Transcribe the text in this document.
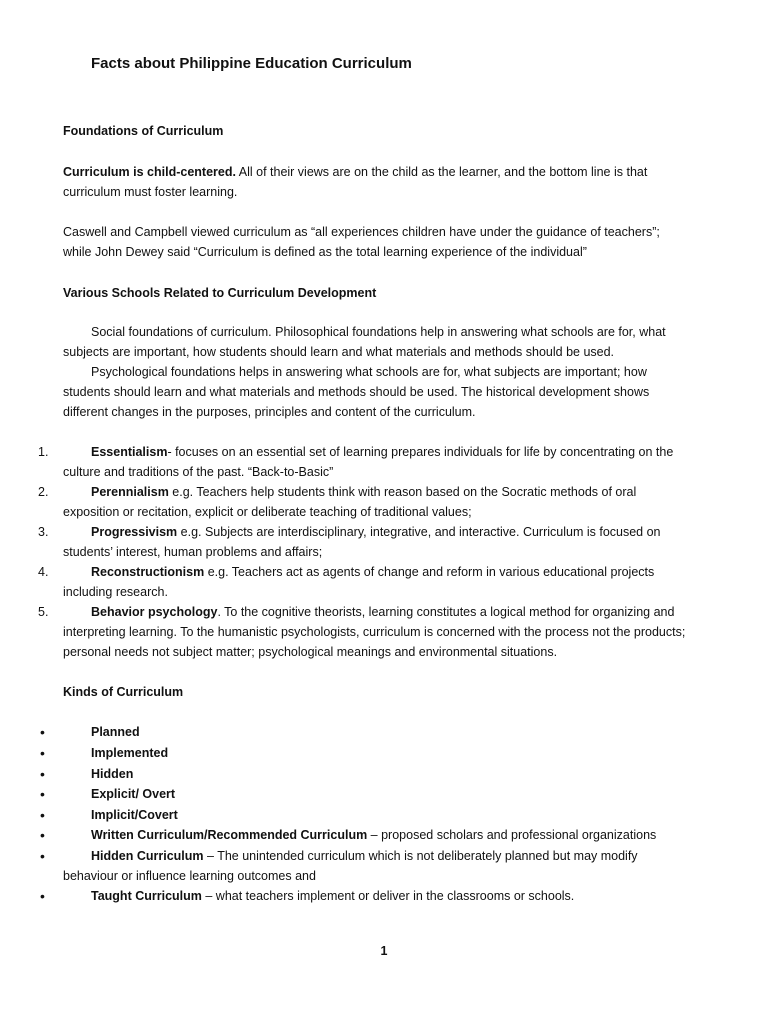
Facts about Philippine Education Curriculum
Foundations of Curriculum
Curriculum is child-centered. All of their views are on the child as the learner, and the bottom line is that curriculum must foster learning.
Caswell and Campbell viewed curriculum as “all experiences children have under the guidance of teachers”; while John Dewey said “Curriculum is defined as the total learning experience of the individual”
Various Schools Related to Curriculum Development
Social foundations of curriculum. Philosophical foundations help in answering what schools are for, what subjects are important, how students should learn and what materials and methods should be used.
Psychological foundations helps in answering what schools are for, what subjects are important; how students should learn and what materials and methods should be used. The historical development shows different changes in the purposes, principles and content of the curriculum.
1.	Essentialism- focuses on an essential set of learning prepares individuals for life by concentrating on the culture and traditions of the past. “Back-to-Basic”
2.	Perennialism e.g. Teachers help students think with reason based on the Socratic methods of oral exposition or recitation, explicit or deliberate teaching of traditional values;
3.	Progressivism e.g. Subjects are interdisciplinary, integrative, and interactive. Curriculum is focused on students’ interest, human problems and affairs;
4.	Reconstructionism e.g. Teachers act as agents of change and reform in various educational projects including research.
5.	Behavior psychology. To the cognitive theorists, learning constitutes a logical method for organizing and interpreting learning. To the humanistic psychologists, curriculum is concerned with the process not the products; personal needs not subject matter; psychological meanings and environmental situations.
Kinds of Curriculum
•	Planned
•	Implemented
•	Hidden
•	Explicit/ Overt
•	Implicit/Covert
•	Written Curriculum/Recommended Curriculum – proposed scholars and professional organizations
•	Hidden Curriculum – The unintended curriculum which is not deliberately planned but may modify behaviour or influence learning outcomes and
•	Taught Curriculum – what teachers implement or deliver in the classrooms or schools.
1
